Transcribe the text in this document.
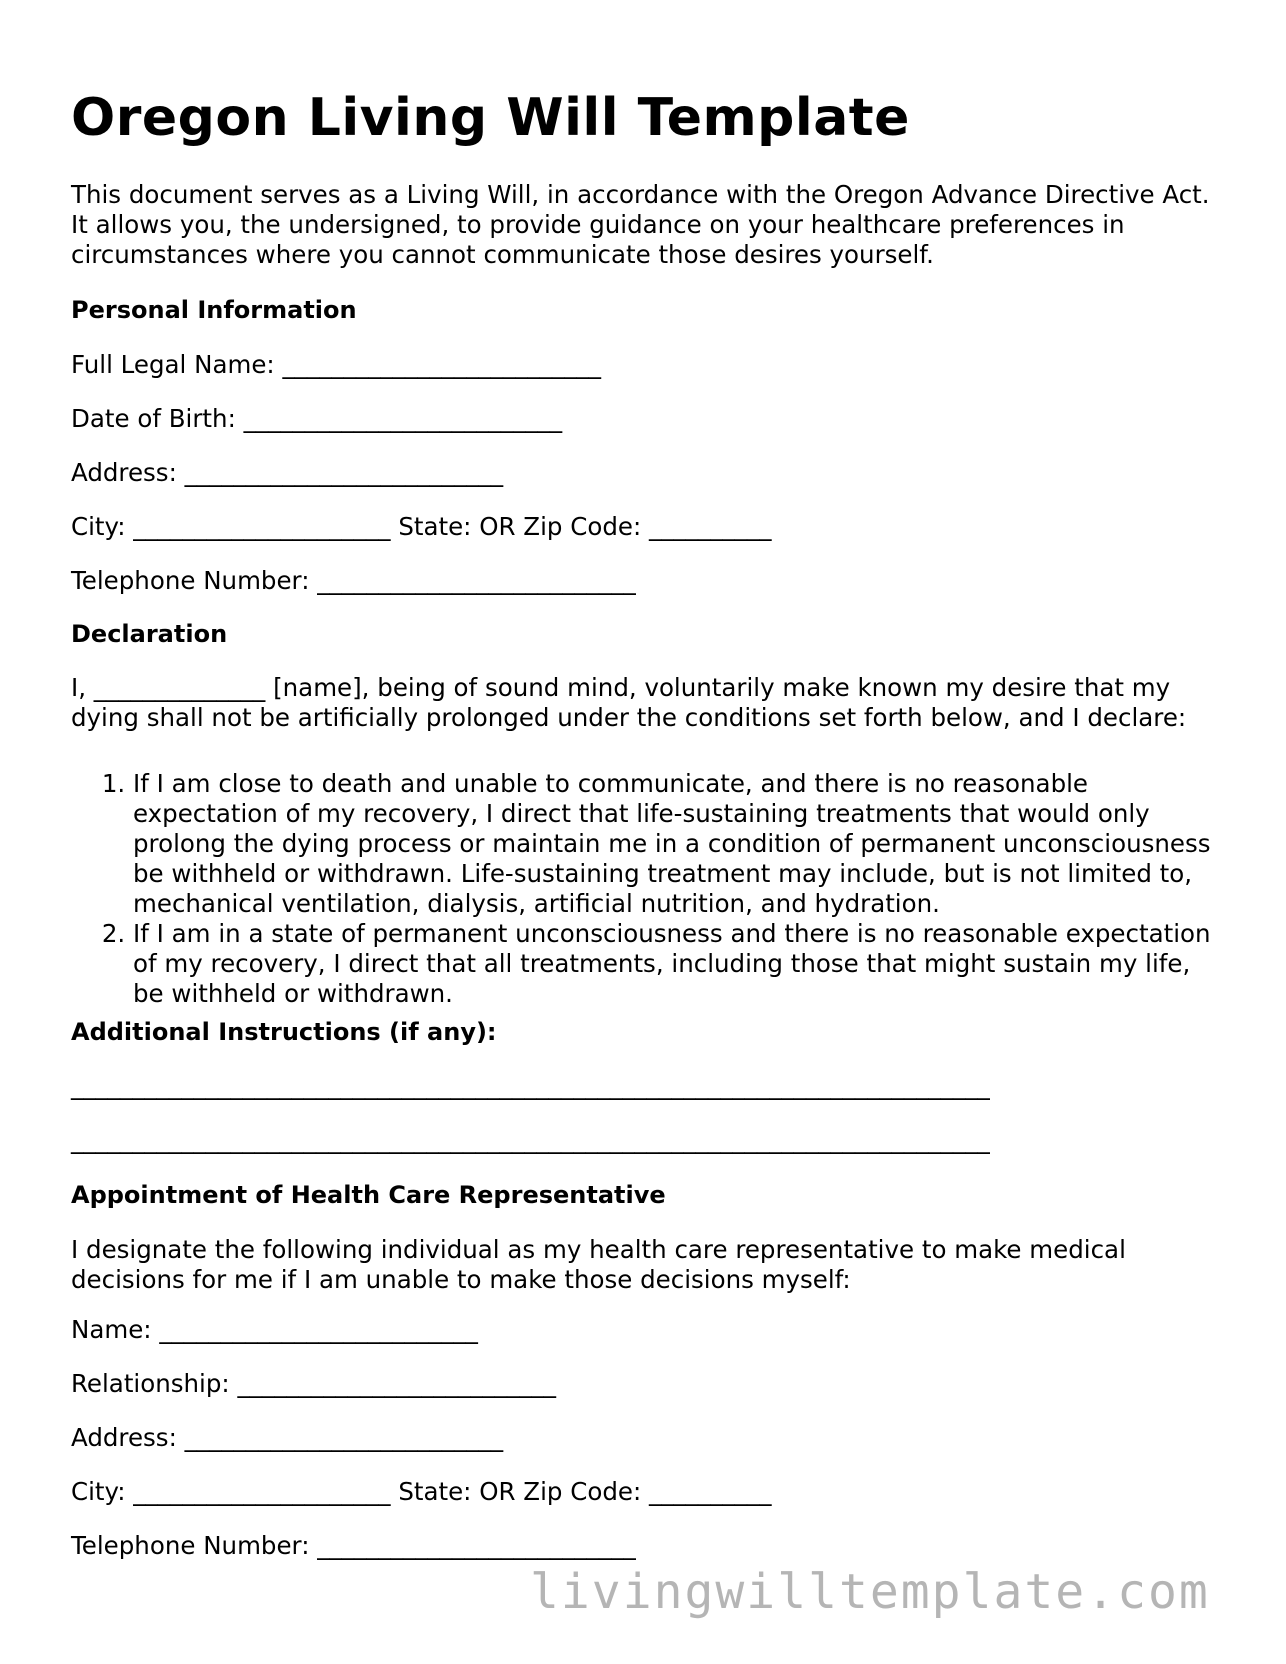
Oregon Living Will Template

This document serves as a Living Will, in accordance with the Oregon Advance Directive Act. It allows you, the undersigned, to provide guidance on your healthcare preferences in circumstances where you cannot communicate those desires yourself.

Personal Information

Full Legal Name: __________________________

Date of Birth: __________________________

Address: __________________________

City: _____________________ State: OR Zip Code: __________

Telephone Number: __________________________

Declaration

I, ______________ [name], being of sound mind, voluntarily make known my desire that my dying shall not be artificially prolonged under the conditions set forth below, and I declare:

1. If I am close to death and unable to communicate, and there is no reasonable expectation of my recovery, I direct that life-sustaining treatments that would only prolong the dying process or maintain me in a condition of permanent unconsciousness be withheld or withdrawn. Life-sustaining treatment may include, but is not limited to, mechanical ventilation, dialysis, artificial nutrition, and hydration.
2. If I am in a state of permanent unconsciousness and there is no reasonable expectation of my recovery, I direct that all treatments, including those that might sustain my life, be withheld or withdrawn.

Additional Instructions (if any):

___________________________________________________________________________

___________________________________________________________________________

Appointment of Health Care Representative

I designate the following individual as my health care representative to make medical decisions for me if I am unable to make those decisions myself:

Name: __________________________

Relationship: __________________________

Address: __________________________

City: _____________________ State: OR Zip Code: __________

Telephone Number: __________________________

livingwilltemplate.com
